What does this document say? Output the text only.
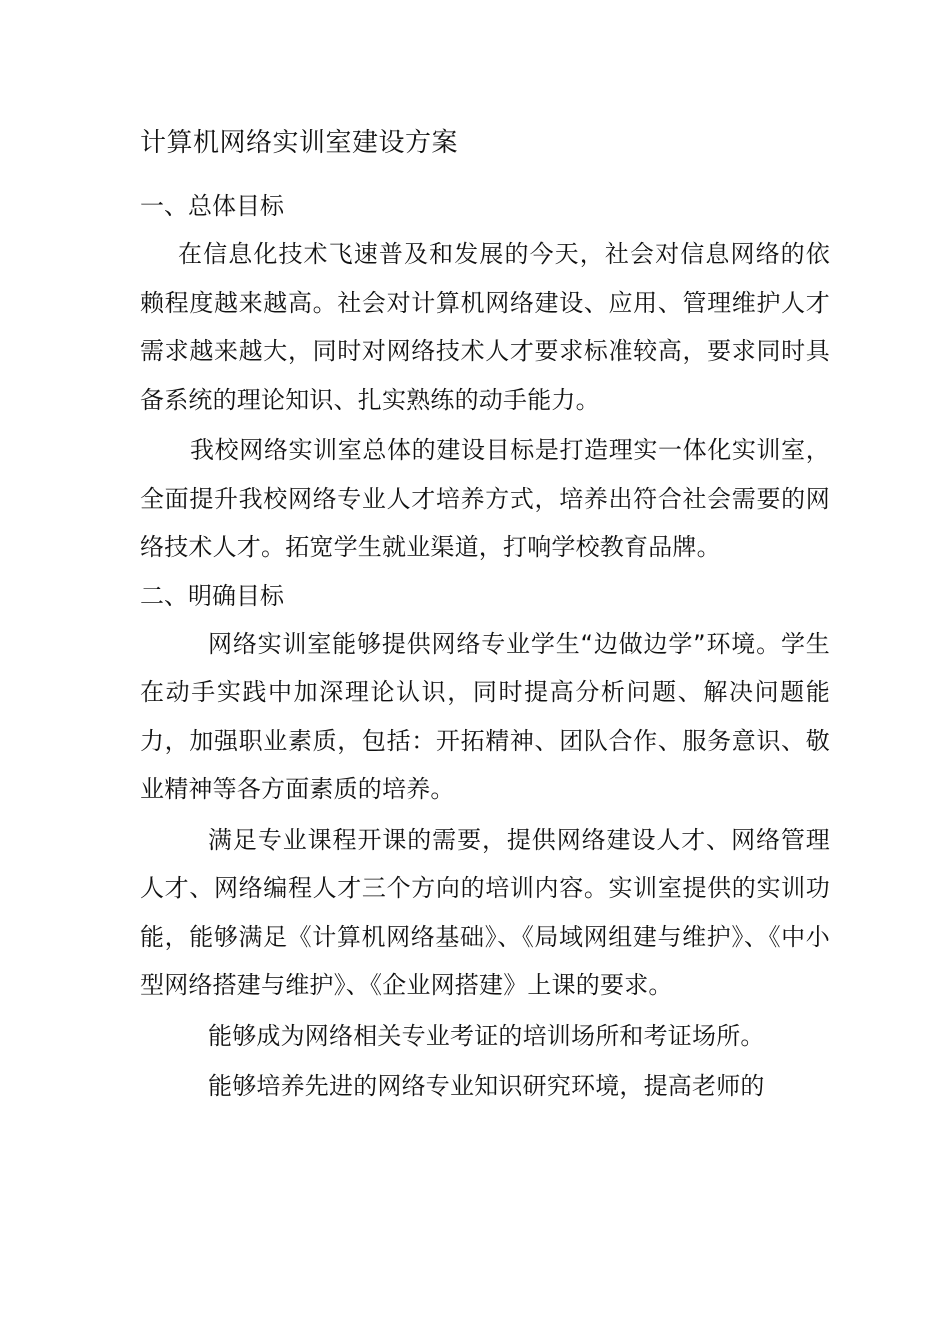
计算机网络实训室建设方案
一、总体目标

在信息化技术飞速普及和发展的今天，社会对信息网络的依赖程度越来越高。社会对计算机网络建设、应用、管理维护人才需求越来越大，同时对网络技术人才要求标准较高，要求同时具备系统的理论知识、扎实熟练的动手能力。

我校网络实训室总体的建设目标是打造理实一体化实训室，全面提升我校网络专业人才培养方式，培养出符合社会需要的网络技术人才。拓宽学生就业渠道，打响学校教育品牌。

二、明确目标

网络实训室能够提供网络专业学生“边做边学”环境。学生在动手实践中加深理论认识，同时提高分析问题、解决问题能力，加强职业素质，包括：开拓精神、团队合作、服务意识、敬业精神等各方面素质的培养。

满足专业课程开课的需要，提供网络建设人才、网络管理人才、网络编程人才三个方向的培训内容。实训室提供的实训功能，能够满足《计算机网络基础》、《局域网组建与维护》、《中小型网络搭建与维护》、《企业网搭建》上课的要求。

能够成为网络相关专业考证的培训场所和考证场所。

能够培养先进的网络专业知识研究环境，提高老师的
